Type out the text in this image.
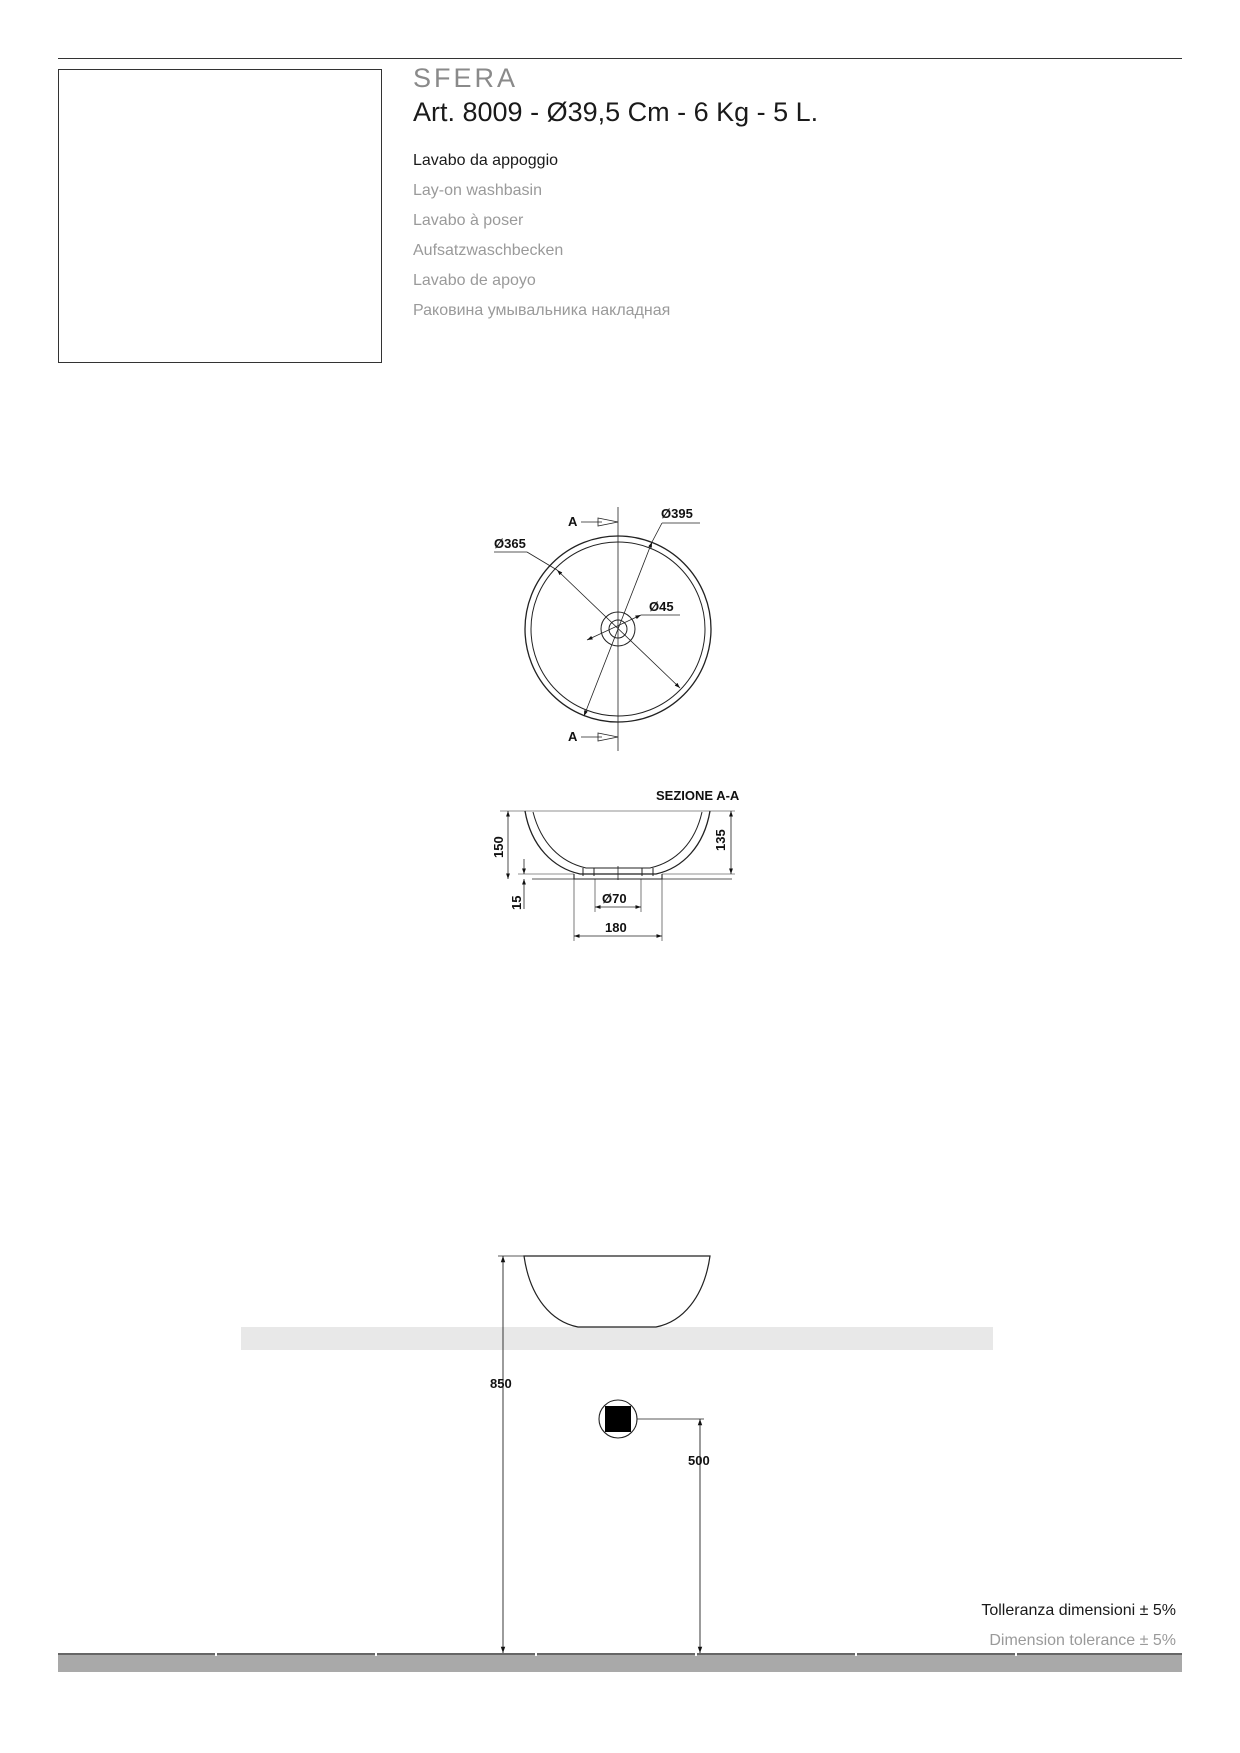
SFERA
Art. 8009 - Ø39,5 Cm - 6 Kg - 5 L.
Lavabo da appoggio
Lay-on washbasin
Lavabo à poser
Aufsatzwaschbecken
Lavabo de apoyo
Раковина умывальника накладная
A
A
Ø395
Ø365
Ø45
SEZIONE A-A
150	135
15	Ø70
180
850
500
Tolleranza dimensioni ± 5%
Dimension tolerance ± 5%
